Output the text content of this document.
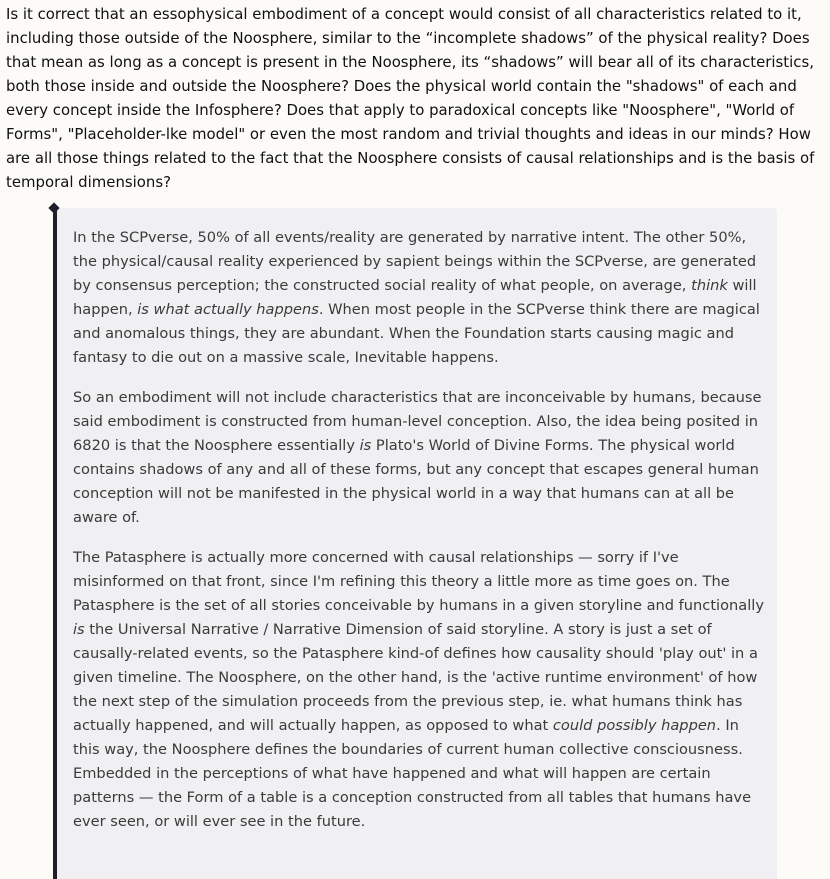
Is it correct that an essophysical embodiment of a concept would consist of all characteristics related to it, including those outside of the Noosphere, similar to the “incomplete shadows” of the physical reality? Does that mean as long as a concept is present in the Noosphere, its “shadows” will bear all of its characteristics, both those inside and outside the Noosphere? Does the physical world contain the "shadows" of each and every concept inside the Infosphere? Does that apply to paradoxical concepts like "Noosphere", "World of Forms", "Placeholder-lke model" or even the most random and trivial thoughts and ideas in our minds? How are all those things related to the fact that the Noosphere consists of causal relationships and is the basis of temporal dimensions?

In the SCPverse, 50% of all events/reality are generated by narrative intent. The other 50%, the physical/causal reality experienced by sapient beings within the SCPverse, are generated by consensus perception; the constructed social reality of what people, on average, think will happen, is what actually happens. When most people in the SCPverse think there are magical and anomalous things, they are abundant. When the Foundation starts causing magic and fantasy to die out on a massive scale, Inevitable happens.

So an embodiment will not include characteristics that are inconceivable by humans, because said embodiment is constructed from human-level conception. Also, the idea being posited in 6820 is that the Noosphere essentially is Plato's World of Divine Forms. The physical world contains shadows of any and all of these forms, but any concept that escapes general human conception will not be manifested in the physical world in a way that humans can at all be aware of.

The Patasphere is actually more concerned with causal relationships — sorry if I've misinformed on that front, since I'm refining this theory a little more as time goes on. The Patasphere is the set of all stories conceivable by humans in a given storyline and functionally is the Universal Narrative / Narrative Dimension of said storyline. A story is just a set of causally-related events, so the Patasphere kind-of defines how causality should 'play out' in a given timeline. The Noosphere, on the other hand, is the 'active runtime environment' of how the next step of the simulation proceeds from the previous step, ie. what humans think has actually happened, and will actually happen, as opposed to what could possibly happen. In this way, the Noosphere defines the boundaries of current human collective consciousness. Embedded in the perceptions of what have happened and what will happen are certain patterns — the Form of a table is a conception constructed from all tables that humans have ever seen, or will ever see in the future.
